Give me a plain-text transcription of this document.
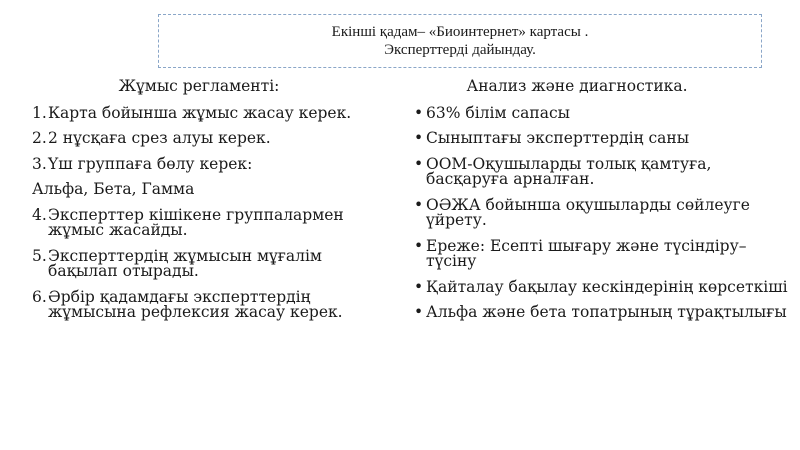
Екінші қадам– «Биоинтернет» картасы .
Эксперттерді дайындау.
Жұмыс регламенті:
1. Карта бойынша жұмыс жасау керек.
2. 2 нұсқаға срез алуы керек.
3. Үш группаға бөлу керек:
Альфа, Бета, Гамма
4. Эксперттер кішікене группалармен жұмыс жасайды.
5. Эксперттердің жұмысын мұғалім бақылап отырады.
6. Әрбір қадамдағы эксперттердің жұмысына рефлексия жасау керек.
Анализ және диагностика.
• 63% білім сапасы
• Сыныптағы эксперттердің саны
• ООМ-Оқушыларды толық қамтуға, басқаруға арналған.
• ОӘЖА бойынша оқушыларды сөйлеуге үйрету.
• Ереже: Есепті шығару және түсіндіру– түсіну
• Қайталау бақылау кескіндерінің көрсеткіші
• Альфа және бета топатрының тұрақтылығы
